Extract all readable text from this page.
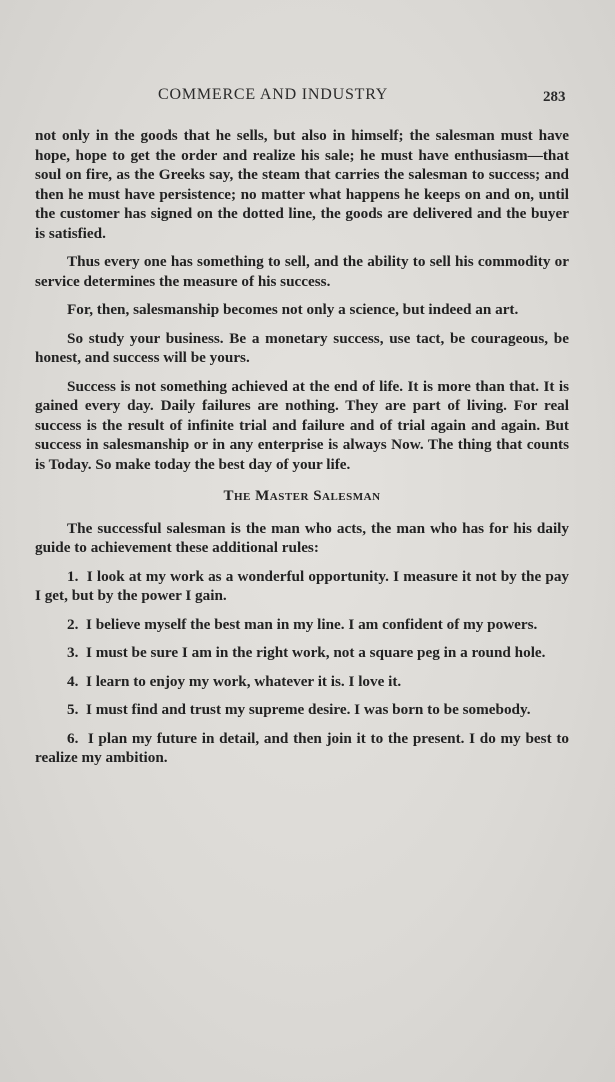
COMMERCE AND INDUSTRY	283

not only in the goods that he sells, but also in himself; the salesman must have hope, hope to get the order and realize his sale; he must have enthusiasm—that soul on fire, as the Greeks say, the steam that carries the salesman to success; and then he must have persistence; no matter what happens he keeps on and on, until the customer has signed on the dotted line, the goods are delivered and the buyer is satisfied.

Thus every one has something to sell, and the ability to sell his commodity or service determines the measure of his success.

For, then, salesmanship becomes not only a science, but indeed an art.

So study your business. Be a monetary success, use tact, be courageous, be honest, and success will be yours.

Success is not something achieved at the end of life. It is more than that. It is gained every day. Daily failures are nothing. They are part of living. For real success is the result of infinite trial and failure and of trial again and again. But success in salesmanship or in any enterprise is always Now. The thing that counts is Today. So make today the best day of your life.

The Master Salesman

The successful salesman is the man who acts, the man who has for his daily guide to achievement these additional rules:

1. I look at my work as a wonderful opportunity. I measure it not by the pay I get, but by the power I gain.

2. I believe myself the best man in my line. I am confident of my powers.

3. I must be sure I am in the right work, not a square peg in a round hole.

4. I learn to enjoy my work, whatever it is. I love it.

5. I must find and trust my supreme desire. I was born to be somebody.

6. I plan my future in detail, and then join it to the present. I do my best to realize my ambition.
